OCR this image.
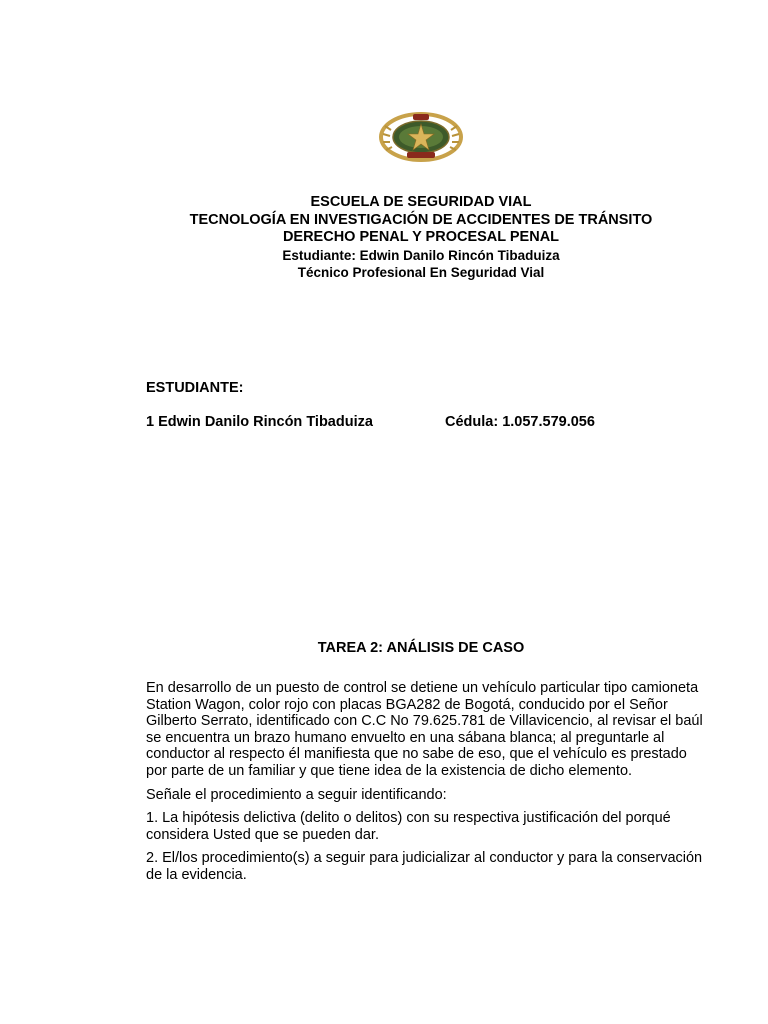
ESCUELA DE SEGURIDAD VIAL
TECNOLOGÍA EN INVESTIGACIÓN DE ACCIDENTES DE TRÁNSITO
DERECHO PENAL Y PROCESAL PENAL
Estudiante: Edwin Danilo Rincón Tibaduiza
Técnico Profesional En Seguridad Vial
ESTUDIANTE:
1 Edwin Danilo Rincón Tibaduiza	Cédula: 1.057.579.056
TAREA 2: ANÁLISIS DE CASO

En desarrollo de un puesto de control se detiene un vehículo particular tipo camioneta Station Wagon, color rojo con placas BGA282 de Bogotá, conducido por el Señor Gilberto Serrato, identificado con C.C No 79.625.781 de Villavicencio, al revisar el baúl se encuentra un brazo humano envuelto en una sábana blanca; al preguntarle al conductor al respecto él manifiesta que no sabe de eso, que el vehículo es prestado por parte de un familiar y que tiene idea de la existencia de dicho elemento.

Señale el procedimiento a seguir identificando:

1. La hipótesis delictiva (delito o delitos) con su respectiva justificación del porqué considera Usted que se pueden dar.

2. El/los procedimiento(s) a seguir para judicializar al conductor y para la conservación de la evidencia.
